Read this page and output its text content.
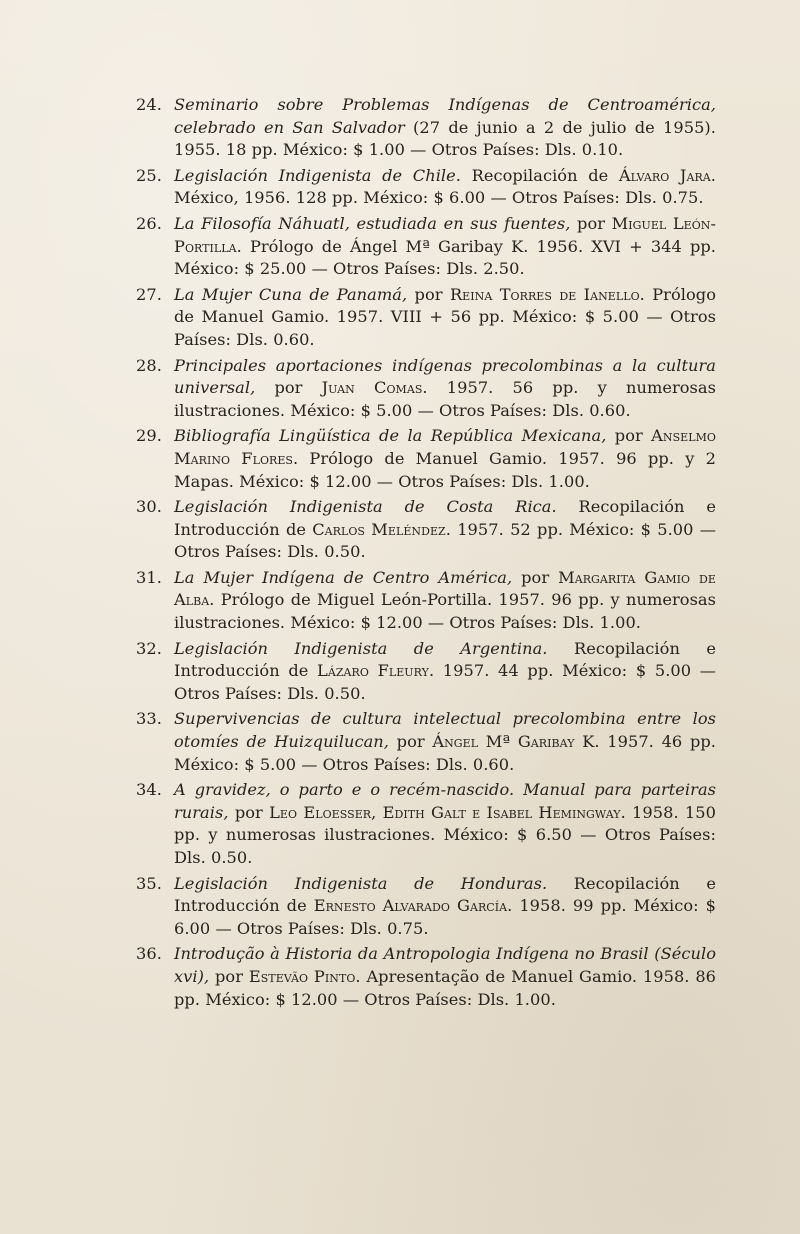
24. Seminario sobre Problemas Indígenas de Centroamérica, celebrado en San Salvador (27 de junio a 2 de julio de 1955). 1955. 18 pp. México: $ 1.00 — Otros Países: Dls. 0.10.
25. Legislación Indigenista de Chile. Recopilación de Álvaro Jara. México, 1956. 128 pp. México: $ 6.00 — Otros Países: Dls. 0.75.
26. La Filosofía Náhuatl, estudiada en sus fuentes, por Miguel León-Portilla. Prólogo de Ángel Mª Garibay K. 1956. XVI + 344 pp. México: $ 25.00 — Otros Países: Dls. 2.50.
27. La Mujer Cuna de Panamá, por Reina Torres de Ianello. Prólogo de Manuel Gamio. 1957. VIII + 56 pp. México: $ 5.00 — Otros Países: Dls. 0.60.
28. Principales aportaciones indígenas precolombinas a la cultura universal, por Juan Comas. 1957. 56 pp. y numerosas ilustraciones. México: $ 5.00 — Otros Países: Dls. 0.60.
29. Bibliografía Lingüística de la República Mexicana, por Anselmo Marino Flores. Prólogo de Manuel Gamio. 1957. 96 pp. y 2 Mapas. México: $ 12.00 — Otros Países: Dls. 1.00.
30. Legislación Indigenista de Costa Rica. Recopilación e Introducción de Carlos Meléndez. 1957. 52 pp. México: $ 5.00 — Otros Países: Dls. 0.50.
31. La Mujer Indígena de Centro América, por Margarita Gamio de Alba. Prólogo de Miguel León-Portilla. 1957. 96 pp. y numerosas ilustraciones. México: $ 12.00 — Otros Países: Dls. 1.00.
32. Legislación Indigenista de Argentina. Recopilación e Introducción de Lázaro Fleury. 1957. 44 pp. México: $ 5.00 — Otros Países: Dls. 0.50.
33. Supervivencias de cultura intelectual precolombina entre los otomíes de Huizquilucan, por Ángel Mª Garibay K. 1957. 46 pp. México: $ 5.00 — Otros Países: Dls. 0.60.
34. A gravidez, o parto e o recém-nascido. Manual para parteiras rurais, por Leo Eloesser, Edith Galt e Isabel Hemingway. 1958. 150 pp. y numerosas ilustraciones. México: $ 6.50 — Otros Países: Dls. 0.50.
35. Legislación Indigenista de Honduras. Recopilación e Introducción de Ernesto Alvarado García. 1958. 99 pp. México: $ 6.00 — Otros Países: Dls. 0.75.
36. Introdução à Historia da Antropologia Indígena no Brasil (Século xvi), por Estevão Pinto. Apresentação de Manuel Gamio. 1958. 86 pp. México: $ 12.00 — Otros Países: Dls. 1.00.
